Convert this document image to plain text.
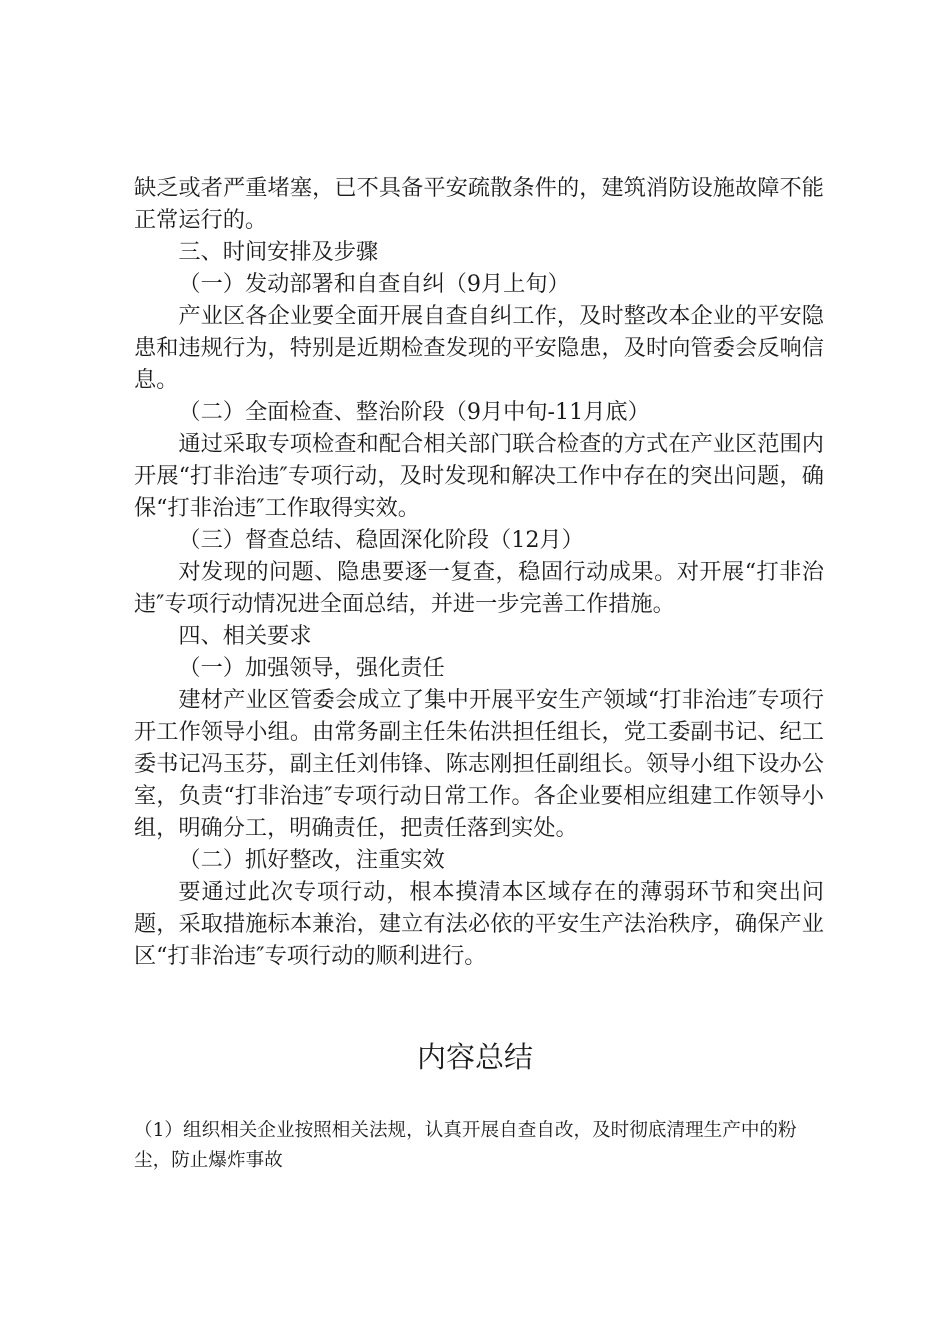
缺乏或者严重堵塞，已不具备平安疏散条件的，建筑消防设施故障不能正常运行的。

三、时间安排及步骤

（一）发动部署和自查自纠（9月上旬）

产业区各企业要全面开展自查自纠工作，及时整改本企业的平安隐患和违规行为，特别是近期检查发现的平安隐患，及时向管委会反响信息。

（二）全面检查、整治阶段（9月中旬-11月底）

通过采取专项检查和配合相关部门联合检查的方式在产业区范围内开展“打非治违″专项行动，及时发现和解决工作中存在的突出问题，确保“打非治违″工作取得实效。

（三）督查总结、稳固深化阶段（12月）

对发现的问题、隐患要逐一复查，稳固行动成果。对开展“打非治违″专项行动情况进全面总结，并进一步完善工作措施。

四、相关要求

（一）加强领导，强化责任

建材产业区管委会成立了集中开展平安生产领域“打非治违″专项行开工作领导小组。由常务副主任朱佑洪担任组长，党工委副书记、纪工委书记冯玉芬，副主任刘伟锋、陈志刚担任副组长。领导小组下设办公室，负责“打非治违″专项行动日常工作。各企业要相应组建工作领导小组，明确分工，明确责任，把责任落到实处。

（二）抓好整改，注重实效

要通过此次专项行动，根本摸清本区域存在的薄弱环节和突出问题，采取措施标本兼治，建立有法必依的平安生产法治秩序，确保产业区“打非治违″专项行动的顺利进行。

内容总结

（1）组织相关企业按照相关法规，认真开展自查自改，及时彻底清理生产中的粉尘，防止爆炸事故
